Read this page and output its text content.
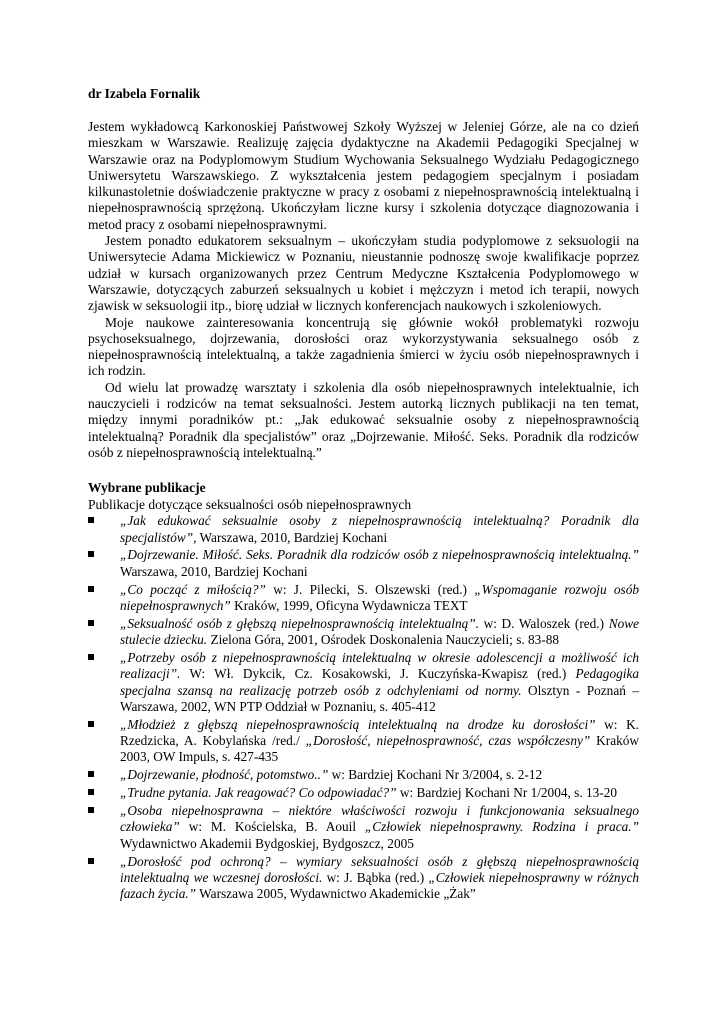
dr Izabela Fornalik

Jestem wykładowcą Karkonoskiej Państwowej Szkoły Wyższej w Jeleniej Górze, ale na co dzień mieszkam w Warszawie. Realizuję zajęcia dydaktyczne na Akademii Pedagogiki Specjalnej w Warszawie oraz na Podyplomowym Studium Wychowania Seksualnego Wydziału Pedagogicznego Uniwersytetu Warszawskiego. Z wykształcenia jestem pedagogiem specjalnym i posiadam kilkunastoletnie doświadczenie praktyczne w pracy z osobami z niepełnosprawnością intelektualną i niepełnosprawnością sprzężoną. Ukończyłam liczne kursy i szkolenia dotyczące diagnozowania i metod pracy z osobami niepełnosprawnymi.

Jestem ponadto edukatorem seksualnym – ukończyłam studia podyplomowe z seksuologii na Uniwersytecie Adama Mickiewicz w Poznaniu, nieustannie podnoszę swoje kwalifikacje poprzez udział w kursach organizowanych przez Centrum Medyczne Kształcenia Podyplomowego w Warszawie, dotyczących zaburzeń seksualnych u kobiet i mężczyzn i metod ich terapii, nowych zjawisk w seksuologii itp., biorę udział w licznych konferencjach naukowych i szkoleniowych.

Moje naukowe zainteresowania koncentrują się głównie wokół problematyki rozwoju psychoseksualnego, dojrzewania, dorosłości oraz wykorzystywania seksualnego osób z niepełnosprawnością intelektualną, a także zagadnienia śmierci w życiu osób niepełnosprawnych i ich rodzin.

Od wielu lat prowadzę warsztaty i szkolenia dla osób niepełnosprawnych intelektualnie, ich nauczycieli i rodziców na temat seksualności. Jestem autorką licznych publikacji na ten temat, między innymi poradników pt.: „Jak edukować seksualnie osoby z niepełnosprawnością intelektualną? Poradnik dla specjalistów” oraz „Dojrzewanie. Miłość. Seks. Poradnik dla rodziców osób z niepełnosprawnością intelektualną.”

Wybrane publikacje
Publikacje dotyczące seksualności osób niepełnosprawnych
„Jak edukować seksualnie osoby z niepełnosprawnością intelektualną? Poradnik dla specjalistów”, Warszawa, 2010, Bardziej Kochani
„Dojrzewanie. Miłość. Seks. Poradnik dla rodziców osób z niepełnosprawnością intelektualną.” Warszawa, 2010, Bardziej Kochani
„Co począć z miłością?” w: J. Pilecki, S. Olszewski (red.) „Wspomaganie rozwoju osób niepełnosprawnych” Kraków, 1999, Oficyna Wydawnicza TEXT
„Seksualność osób z głębszą niepełnosprawnością intelektualną”. w: D. Waloszek (red.) Nowe stulecie dziecku. Zielona Góra, 2001, Ośrodek Doskonalenia Nauczycieli; s. 83-88
„Potrzeby osób z niepełnosprawnością intelektualną w okresie adolescencji a możliwość ich realizacji”. W: Wł. Dykcik, Cz. Kosakowski, J. Kuczyńska-Kwapisz (red.) Pedagogika specjalna szansą na realizację potrzeb osób z odchyleniami od normy. Olsztyn - Poznań – Warszawa, 2002, WN PTP Oddział w Poznaniu, s. 405-412
„Młodzież z głębszą niepełnosprawnością intelektualną na drodze ku dorosłości” w: K. Rzedzicka, A. Kobylańska /red./ „Dorosłość, niepełnosprawność, czas współczesny” Kraków 2003, OW Impuls, s. 427-435
„Dojrzewanie, płodność, potomstwo..” w: Bardziej Kochani Nr 3/2004, s. 2-12
„Trudne pytania. Jak reagować? Co odpowiadać?” w: Bardziej Kochani Nr 1/2004, s. 13-20
„Osoba niepełnosprawna – niektóre właściwości rozwoju i funkcjonowania seksualnego człowieka” w: M. Kościelska, B. Aouil „Człowiek niepełnosprawny. Rodzina i praca.” Wydawnictwo Akademii Bydgoskiej, Bydgoszcz, 2005
„Dorosłość pod ochroną? – wymiary seksualności osób z głębszą niepełnosprawnością intelektualną we wczesnej dorosłości. w: J. Bąbka (red.) „Człowiek niepełnosprawny w różnych fazach życia.” Warszawa 2005, Wydawnictwo Akademickie „Żak”
